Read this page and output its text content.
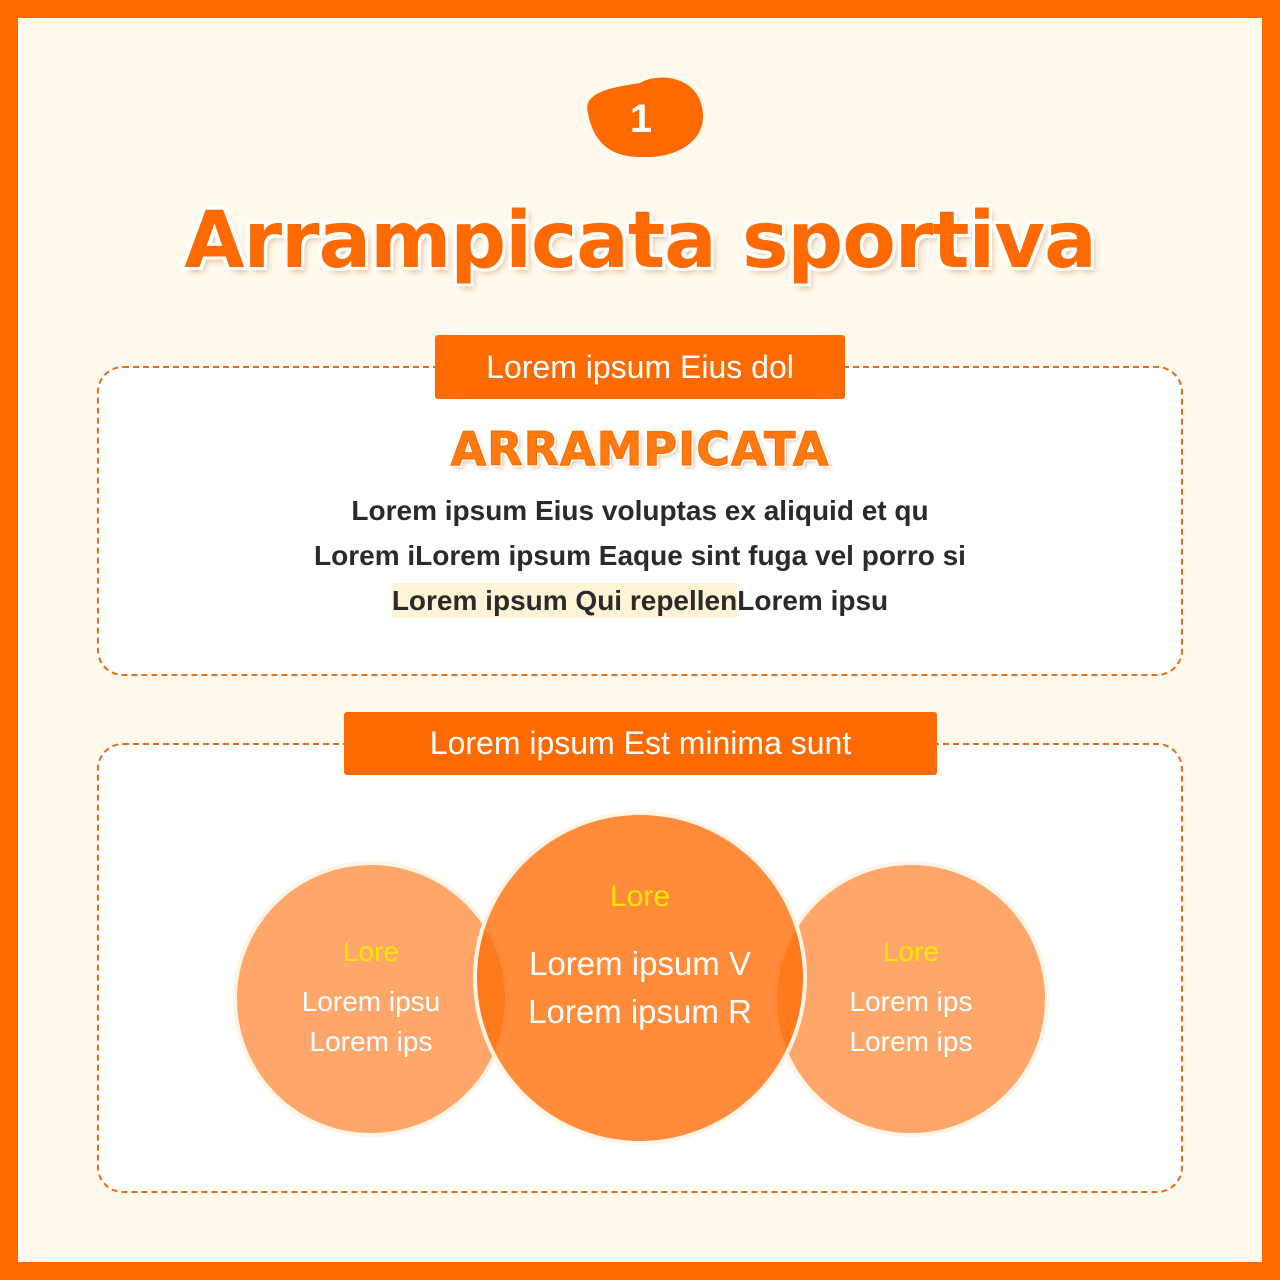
1
Arrampicata sportiva
Lorem ipsum Eius dol
ARRAMPICATA
Lorem ipsum Eius voluptas ex aliquid et qu
Lorem iLorem ipsum Eaque sint fuga vel porro si
Lorem ipsum Qui repellenLorem ipsu
Lorem ipsum Est minima sunt
Lore
Lorem ipsu
Lorem ips
Lore
Lorem ips
Lorem ips
Lore
Lorem ipsum V
Lorem ipsum R
